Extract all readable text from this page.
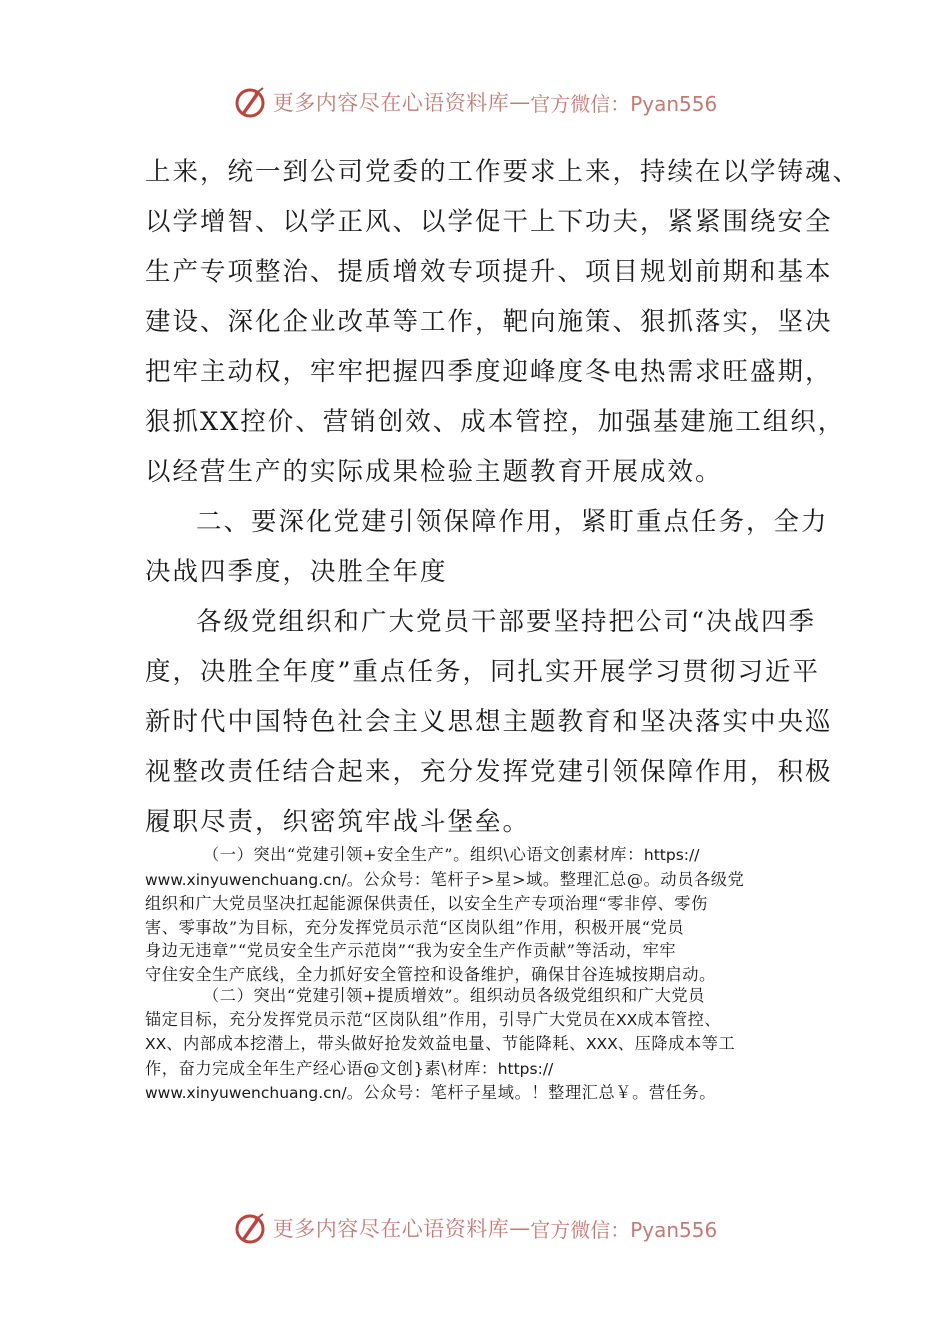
更多内容尽在心语资料库 — 官方微信：Pyan556

上来，统一到公司党委的工作要求上来，持续在以学铸魂、

以学增智、以学正风、以学促干上下功夫，紧紧围绕安全

生产专项整治、提质增效专项提升、项目规划前期和基本

建设、深化企业改革等工作，靶向施策、狠抓落实，坚决

把牢主动权，牢牢把握四季度迎峰度冬电热需求旺盛期，

狠抓XX控价、营销创效、成本管控，加强基建施工组织，

以经营生产的实际成果检验主题教育开展成效。

二、要深化党建引领保障作用，紧盯重点任务，全力

决战四季度，决胜全年度

各级党组织和广大党员干部要坚持把公司“决战四季

度，决胜全年度”重点任务，同扎实开展学习贯彻习近平

新时代中国特色社会主义思想主题教育和坚决落实中央巡

视整改责任结合起来，充分发挥党建引领保障作用，积极

履职尽责，织密筑牢战斗堡垒。

（一）突出“党建引领+安全生产”。组织\心语文创素材库：https://
www.xinyuwenchuang.cn/。公众号：笔杆子>星>域。整理汇总@。动员各级党
组织和广大党员坚决扛起能源保供责任，以安全生产专项治理“零非停、零伤
害、零事故”为目标，充分发挥党员示范“区岗队组”作用，积极开展“党员
身边无违章”“党员安全生产示范岗”“我为安全生产作贡献”等活动，牢牢
守住安全生产底线，全力抓好安全管控和设备维护，确保甘谷连城按期启动。
（二）突出“党建引领+提质增效”。组织动员各级党组织和广大党员
锚定目标，充分发挥党员示范“区岗队组”作用，引导广大党员在XX成本管控、
XX、内部成本挖潜上，带头做好抢发效益电量、节能降耗、XXX、压降成本等工
作，奋力完成全年生产经心语@文创}素\材库：https://
www.xinyuwenchuang.cn/。公众号：笔杆子星域。！整理汇总￥。营任务。
更多内容尽在心语资料库 — 官方微信：Pyan556
